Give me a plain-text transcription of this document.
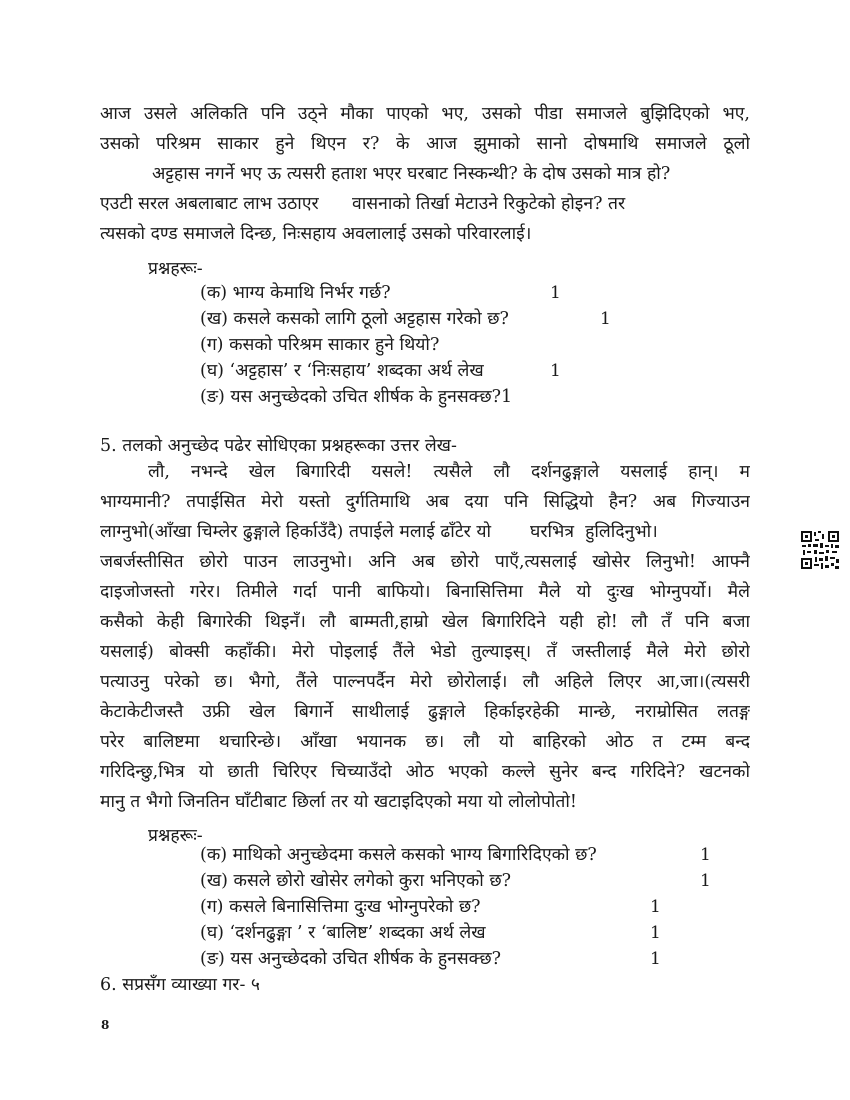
आज उसले अलिकति पनि उठ्ने मौका पाएको भए, उसको पीडा समाजले बुझिदिएको भए,
उसको परिश्रम साकार हुने थिएन र? के आज झुमाको सानो दोषमाथि समाजले ठूलो
अट्टहास नगर्ने भए ऊ त्यसरी हताश भएर घरबाट निस्कन्थी? के दोष उसको मात्र हो?
एउटी सरल अबलाबाट लाभ उठाएर      वासनाको तिर्खा मेटाउने रिकुटेको होइन? तर
त्यसको दण्ड समाजले दिन्छ, निःसहाय अवलालाई उसको परिवारलाई।
प्रश्नहरूः-
(क) भाग्य केमाथि निर्भर गर्छ?	1
(ख) कसले कसको लागि ठूलो अट्टहास गरेको छ?	1
(ग) कसको परिश्रम साकार हुने थियो?
(घ) ‘अट्टहास’ र ‘निःसहाय’ शब्दका अर्थ लेख	1
(ङ) यस अनुच्छेदको उचित शीर्षक के हुनसक्छ?1
5. तलको अनुच्छेद पढेर सोधिएका प्रश्नहरूका उत्तर लेख-
लौ, नभन्दे खेल बिगारिदी यसले! त्यसैले लौ दर्शनढुङ्गाले यसलाई हान्। म
भाग्यमानी? तपाईसित मेरो यस्तो दुर्गतिमाथि अब दया पनि सिद्धियो हैन? अब गिज्याउन
लाग्नुभो(आँखा चिम्लेर ढुङ्गाले हिर्काउँदै) तपाईले मलाई ढाँटेर यो       घरभित्र  हुलिदिनुभो।
जबर्जस्तीसित छोरो पाउन लाउनुभो। अनि अब छोरो पाएँ,त्यसलाई खोसेर लिनुभो! आफ्नै
दाइजोजस्तो गरेर। तिमीले गर्दा पानी बाफियो। बिनासित्तिमा मैले यो दुःख भोग्नुपर्यो। मैले
कसैको केही बिगारेकी थिइनँ। लौ बाम्मती,हाम्रो खेल बिगारिदिने यही हो! लौ तँ पनि बजा
यसलाई) बोक्सी कहाँकी। मेरो पोइलाई तैंले भेडो तुल्याइस्। तँ जस्तीलाई मैले मेरो छोरो
पत्याउनु परेको छ। भैगो, तैंले पाल्नपर्दैन मेरो छोरोलाई। लौ अहिले लिएर आ,जा।(त्यसरी
केटाकेटीजस्तै उफ्री खेल बिगार्ने साथीलाई ढुङ्गाले हिर्काइरहेकी मान्छे, नराम्रोसित लतङ्ग
परेर बालिष्टमा थचारिन्छे। आँखा भयानक छ। लौ यो बाहिरको ओठ त टम्म बन्द
गरिदिन्छु,भित्र यो छाती चिरिएर चिच्याउँदो ओठ भएको कल्ले सुनेर बन्द गरिदिने? खटनको
मानु त भैगो जिनतिन घाँटीबाट छिर्ला तर यो खटाइदिएको मया यो लोलोपोतो!
प्रश्नहरूः-
(क) माथिको अनुच्छेदमा कसले कसको भाग्य बिगारिदिएको छ?	1
(ख) कसले छोरो खोसेर लगेको कुरा भनिएको छ?	1
(ग) कसले बिनासित्तिमा दुःख भोग्नुपरेको छ?	1
(घ) ‘दर्शनढुङ्गा ’ र ‘बालिष्ट’ शब्दका अर्थ लेख	1
(ङ) यस अनुच्छेदको उचित शीर्षक के हुनसक्छ?	1
6. सप्रसँग व्याख्या गर- ५
8
